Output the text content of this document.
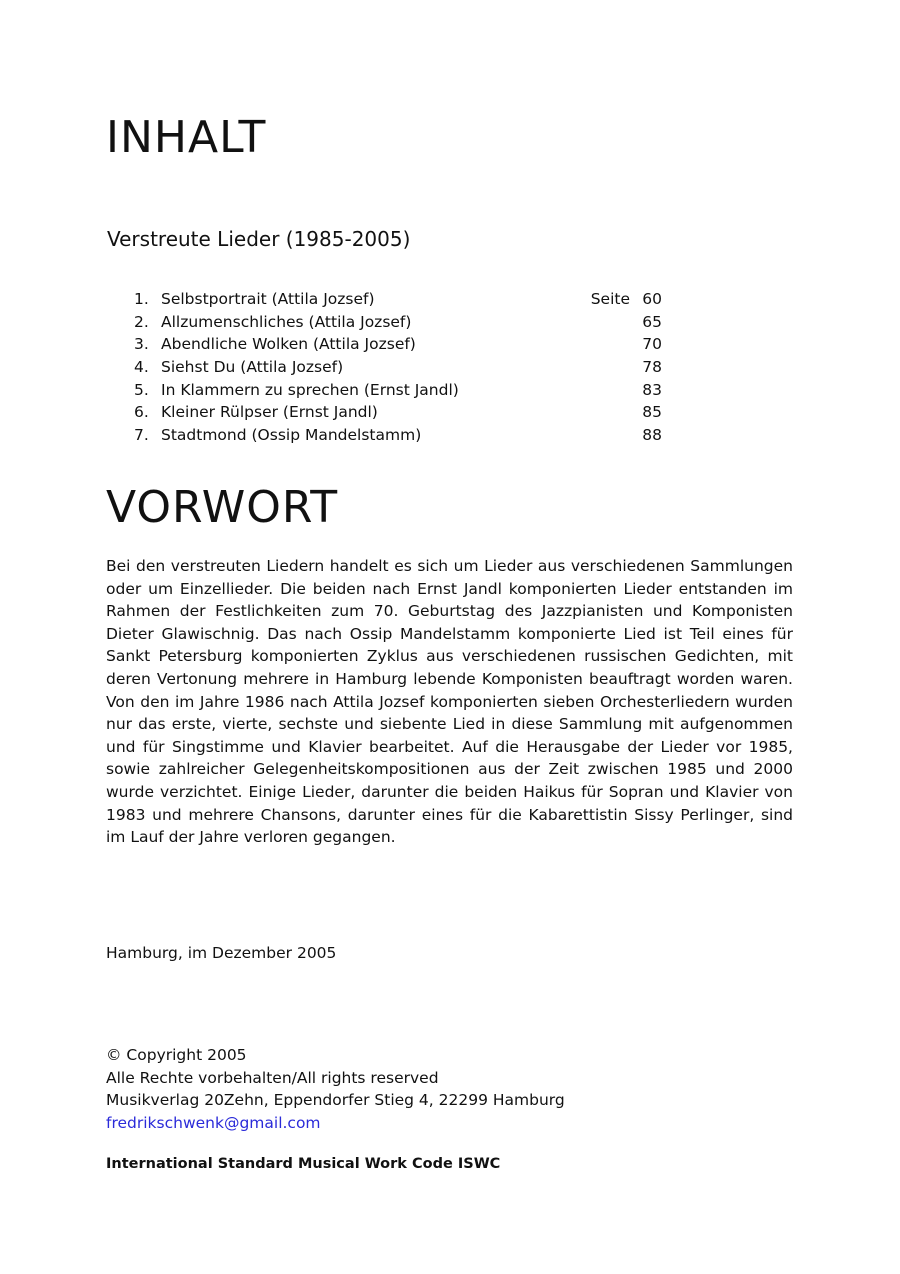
INHALT
Verstreute Lieder (1985-2005)
1. Selbstportrait (Attila Jozsef)	Seite 60
2. Allzumenschliches (Attila Jozsef)	65
3. Abendliche Wolken (Attila Jozsef)	70
4. Siehst Du (Attila Jozsef)	78
5. In Klammern zu sprechen (Ernst Jandl)	83
6. Kleiner Rülpser (Ernst Jandl)	85
7. Stadtmond (Ossip Mandelstamm)	88
VORWORT

Bei den verstreuten Liedern handelt es sich um Lieder aus verschiedenen Sammlungen oder um Einzellieder. Die beiden nach Ernst Jandl komponierten Lieder entstanden im Rahmen der Festlichkeiten zum 70. Geburtstag des Jazzpianisten und Komponisten Dieter Glawischnig. Das nach Ossip Mandelstamm komponierte Lied ist Teil eines für Sankt Petersburg komponierten Zyklus aus verschiedenen russischen Gedichten, mit deren Vertonung mehrere in Hamburg lebende Komponisten beauftragt worden waren. Von den im Jahre 1986 nach Attila Jozsef komponierten sieben Orchesterliedern wurden nur das erste, vierte, sechste und siebente Lied in diese Sammlung mit aufgenommen und für Singstimme und Klavier bearbeitet. Auf die Herausgabe der Lieder vor 1985, sowie zahlreicher Gelegenheitskompositionen aus der Zeit zwischen 1985 und 2000 wurde verzichtet. Einige Lieder, darunter die beiden Haikus für Sopran und Klavier von 1983 und mehrere Chansons, darunter eines für die Kabarettistin Sissy Perlinger, sind im Lauf der Jahre verloren gegangen.

Hamburg, im Dezember 2005
© Copyright 2005
Alle Rechte vorbehalten/All rights reserved
Musikverlag 20Zehn, Eppendorfer Stieg 4, 22299 Hamburg
fredrikschwenk@gmail.com
International Standard Musical Work Code ISWC
